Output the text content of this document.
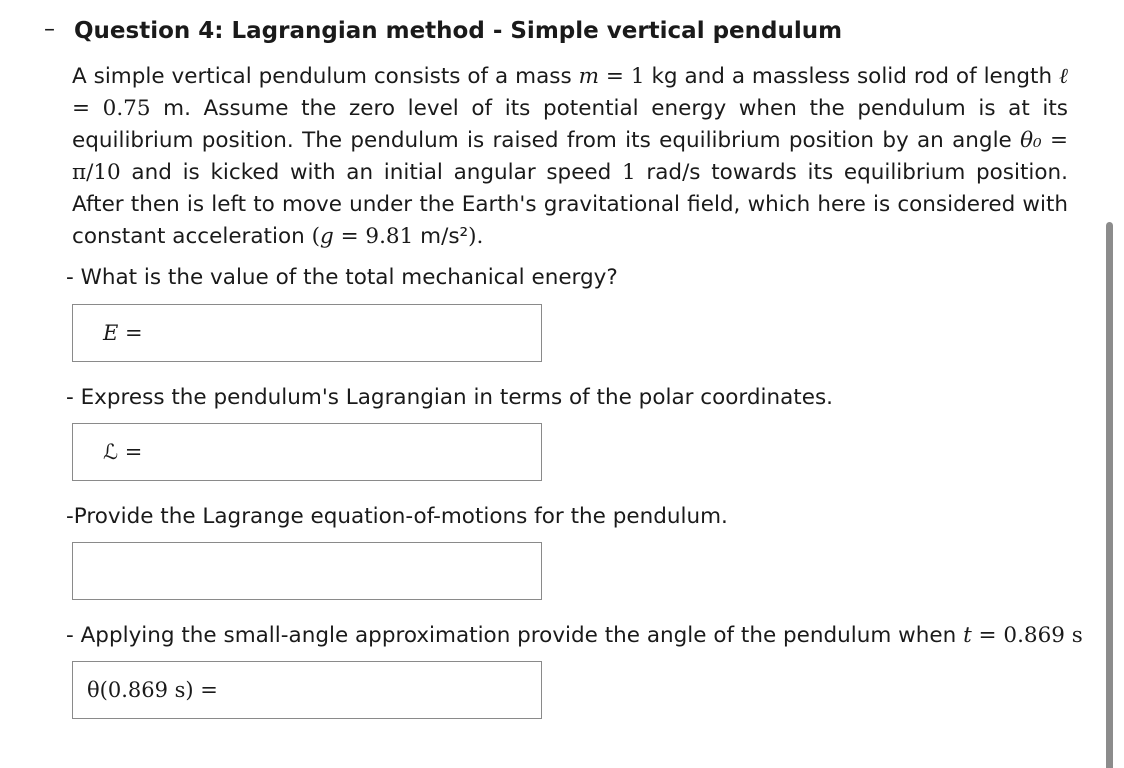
– Question 4: Lagrangian method - Simple vertical pendulum
A simple vertical pendulum consists of a mass m = 1 kg and a massless solid rod of length ℓ = 0.75 m. Assume the zero level of its potential energy when the pendulum is at its equilibrium position. The pendulum is raised from its equilibrium position by an angle θ₀ = π/10 and is kicked with an initial angular speed 1 rad/s towards its equilibrium position. After then is left to move under the Earth's gravitational field, which here is considered with constant acceleration (g = 9.81 m/s²).
- What is the value of the total mechanical energy?
E =
- Express the pendulum's Lagrangian in terms of the polar coordinates.
ℒ =
-Provide the Lagrange equation-of-motions for the pendulum.
- Applying the small-angle approximation provide the angle of the pendulum when t = 0.869 s
θ(0.869 s) =
